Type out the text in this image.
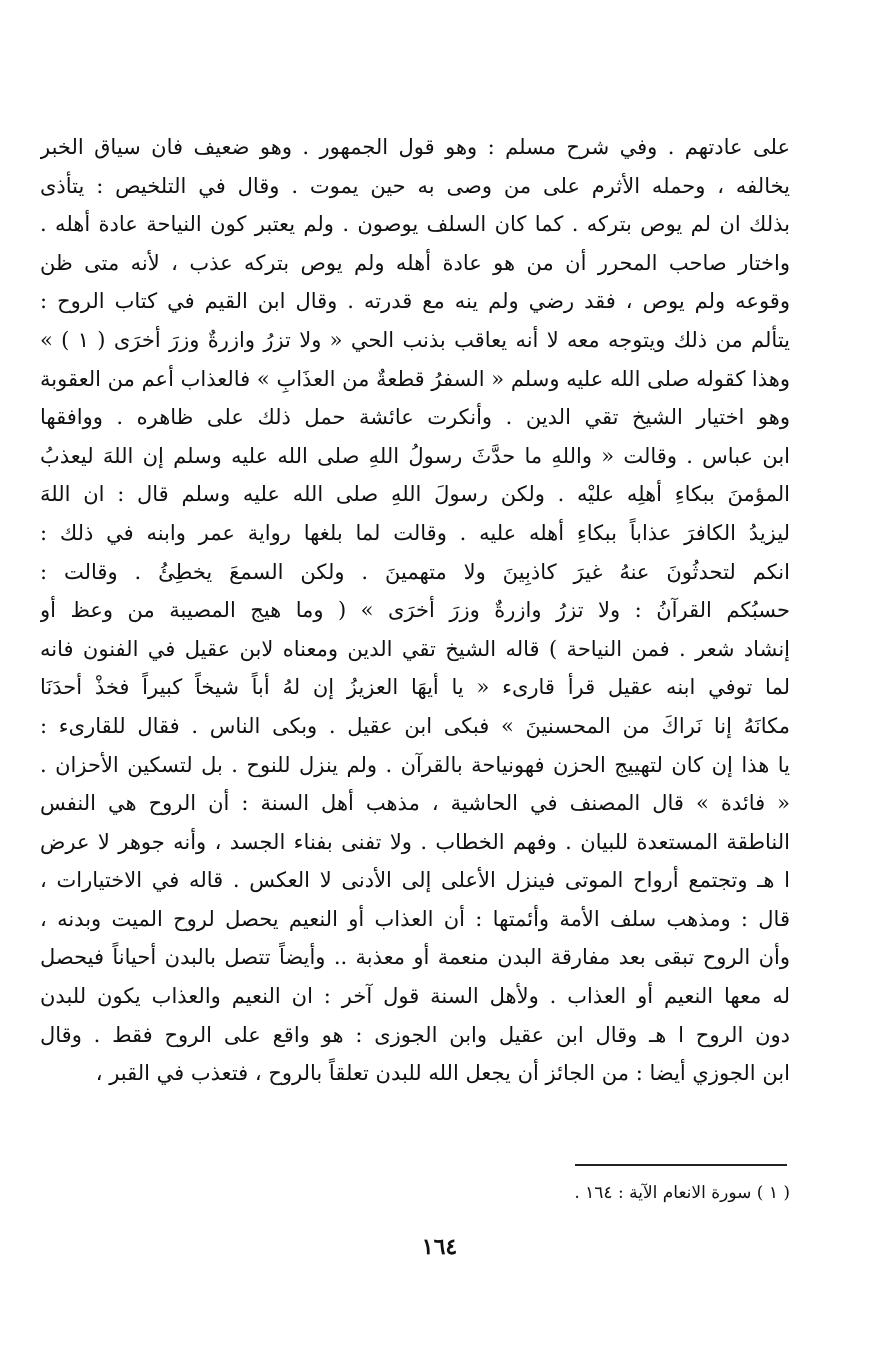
على عادتهم . وفي شرح مسلم : وهو قول الجمهور . وهو ضعيف فان سياق الخبر
يخالفه ، وحمله الأثرم على من وصى به حين يموت . وقال في التلخيص : يتأذى
بذلك ان لم يوص بتركه . كما كان السلف يوصون . ولم يعتبر كون النياحة عادة أهله .
واختار صاحب المحرر أن من هو عادة أهله ولم يوص بتركه عذب ، لأنه متى ظن
وقوعه ولم يوص ، فقد رضي ولم ينه مع قدرته . وقال ابن القيم في كتاب الروح :
يتألم من ذلك ويتوجه معه لا أنه يعاقب بذنب الحي « ولا تزرُ وازرةٌ وزرَ أخرَى ( ١ ) »
وهذا كقوله صلى الله عليه وسلم « السفرُ قطعةٌ من العذَابِ » فالعذاب أعم من العقوبة
وهو اختيار الشيخ تقي الدين . وأنكرت عائشة حمل ذلك على ظاهره . ووافقها
ابن عباس . وقالت « واللهِ ما حدَّثَ رسولُ اللهِ صلى الله عليه وسلم إن اللهَ ليعذبُ
المؤمنَ ببكاءِ أهلِه عليْه . ولكن رسولَ اللهِ صلى الله عليه وسلم قال : ان اللهَ
ليزيدُ الكافرَ عذاباً ببكاءِ أهله عليه . وقالت لما بلغها رواية عمر وابنه في ذلك :
انكم لتحدثُونَ عنهُ غيرَ كاذبِينَ ولا متهمينَ . ولكن السمعَ يخطِئُ . وقالت :
حسبُكم القرآنُ : ولا تزرُ وازرةٌ وزرَ أخرَى » ( وما هيج المصيبة من وعظ أو
إنشاد شعر . فمن النياحة ) قاله الشيخ تقي الدين ومعناه لابن عقيل في الفنون فانه
لما توفي ابنه عقيل قرأ قارىء « يا أيهَا العزيزُ إن لهُ أباً شيخاً كبيراً فخذْ أحدَنَا
مكانَهُ إنا نَراكَ من المحسنينَ » فبكى ابن عقيل . وبكى الناس . فقال للقارىء :
يا هذا إن كان لتهييج الحزن فهونياحة بالقرآن . ولم ينزل للنوح . بل لتسكين الأحزان .
« فائدة » قال المصنف في الحاشية ، مذهب أهل السنة : أن الروح هي النفس
الناطقة المستعدة للبيان . وفهم الخطاب . ولا تفنى بفناء الجسد ، وأنه جوهر لا عرض
ا هـ وتجتمع أرواح الموتى فينزل الأعلى إلى الأدنى لا العكس . قاله في الاختيارات ،
قال : ومذهب سلف الأمة وأئمتها : أن العذاب أو النعيم يحصل لروح الميت وبدنه ،
وأن الروح تبقى بعد مفارقة البدن منعمة أو معذبة .. وأيضاً تتصل بالبدن أحياناً فيحصل
له معها النعيم أو العذاب . ولأهل السنة قول آخر : ان النعيم والعذاب يكون للبدن
دون الروح ا هـ وقال ابن عقيل وابن الجوزى : هو واقع على الروح فقط . وقال
ابن الجوزي أيضا : من الجائز أن يجعل الله للبدن تعلقاً بالروح ، فتعذب في القبر ،
( ١ ) سورة الانعام الآية : ١٦٤ .
١٦٤
